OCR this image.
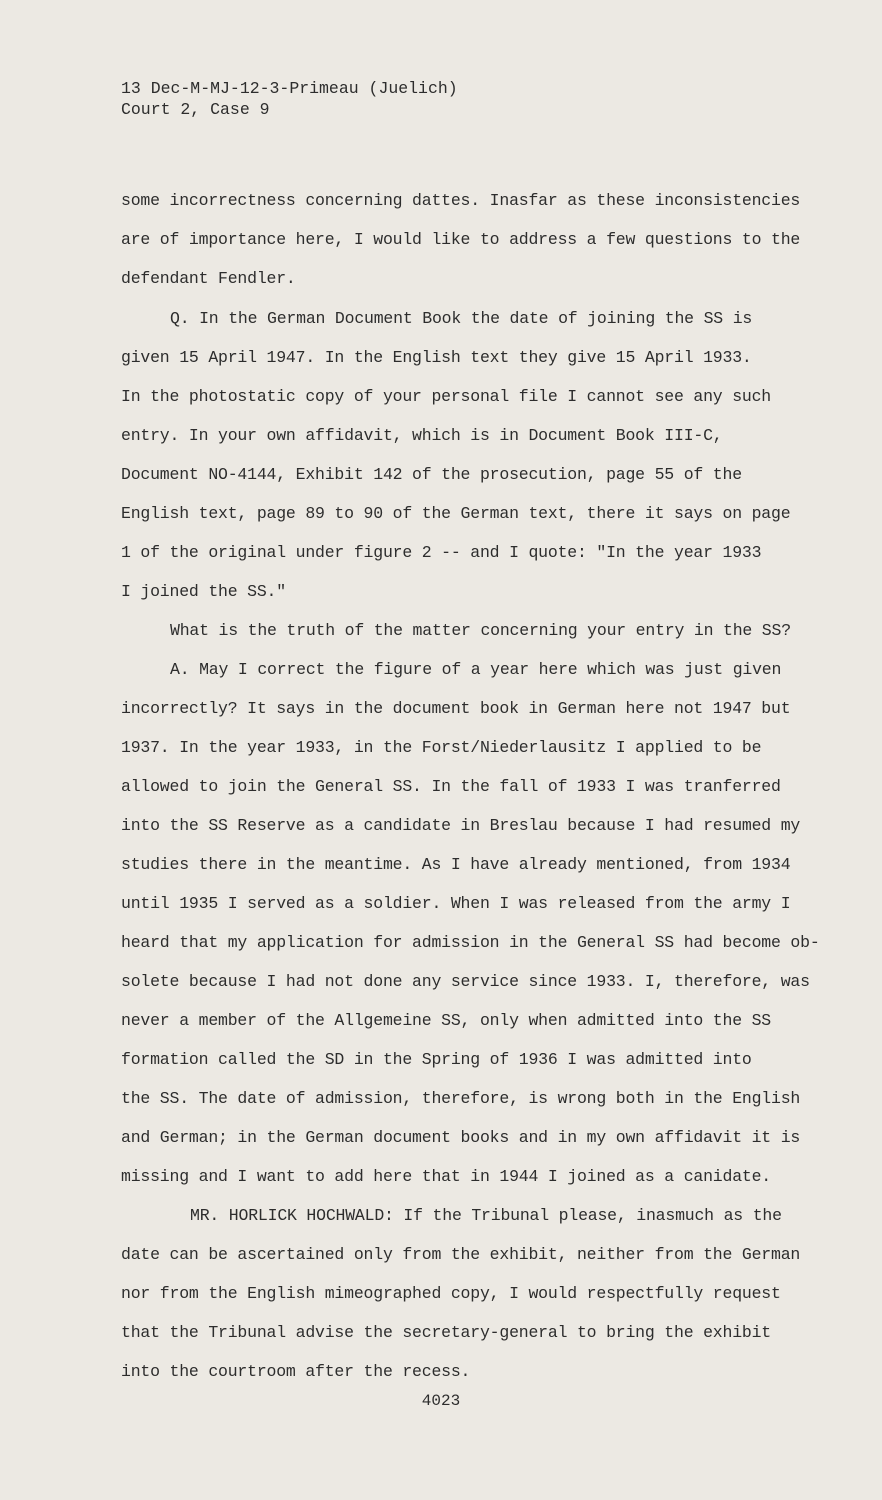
13 Dec-M-MJ-12-3-Primeau (Juelich)
Court 2, Case 9
some incorrectness concerning dattes. Inasfar as these inconsistencies
are of importance here, I would like to address a few questions to the
defendant Fendler.
Q. In the German Document Book the date of joining the SS is
given 15 April 1947. In the English text they give 15 April 1933.
In the photostatic copy of your personal file I cannot see any such
entry. In your own affidavit, which is in Document Book III-C,
Document NO-4144, Exhibit 142 of the prosecution, page 55 of the
English text, page 89 to 90 of the German text, there it says on page
1 of the original under figure 2 -- and I quote: "In the year 1933
I joined the SS."
What is the truth of the matter concerning your entry in the SS?
A. May I correct the figure of a year here which was just given
incorrectly? It says in the document book in German here not 1947 but
1937. In the year 1933, in the Forst/Niederlausitz I applied to be
allowed to join the General SS. In the fall of 1933 I was tranferred
into the SS Reserve as a candidate in Breslau because I had resumed my
studies there in the meantime. As I have already mentioned, from 1934
until 1935 I served as a soldier. When I was released from the army I
heard that my application for admission in the General SS had become ob-
solete because I had not done any service since 1933. I, therefore, was
never a member of the Allgemeine SS, only when admitted into the SS
formation called the SD in the Spring of 1936 I was admitted into
the SS. The date of admission, therefore, is wrong both in the English
and German; in the German document books and in my own affidavit it is
missing and I want to add here that in 1944 I joined as a canidate.
MR. HORLICK HOCHWALD: If the Tribunal please, inasmuch as the
date can be ascertained only from the exhibit, neither from the German
nor from the English mimeographed copy, I would respectfully request
that the Tribunal advise the secretary-general to bring the exhibit
into the courtroom after the recess.
4023
